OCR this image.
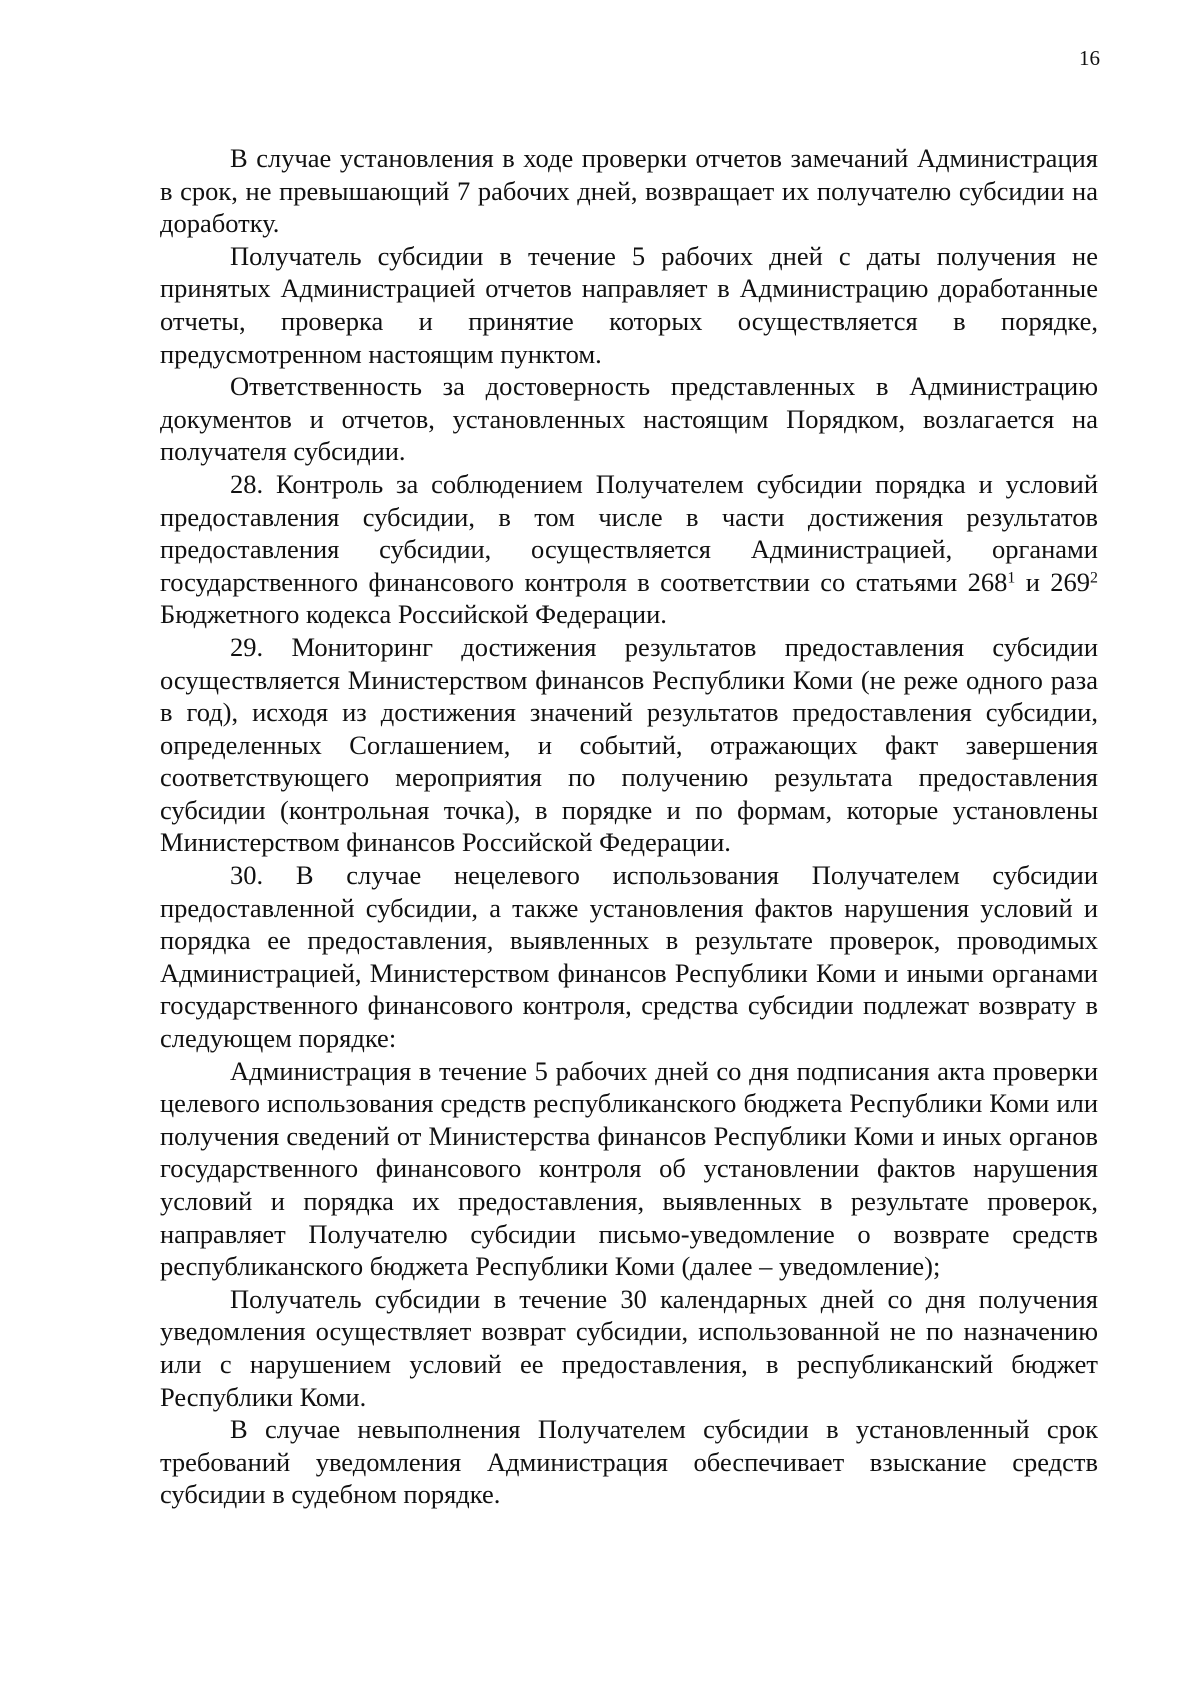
16

В случае установления в ходе проверки отчетов замечаний Администрация в срок, не превышающий 7 рабочих дней, возвращает их получателю субсидии на доработку.

Получатель субсидии в течение 5 рабочих дней с даты получения не принятых Администрацией отчетов направляет в Администрацию доработанные отчеты, проверка и принятие которых осуществляется в порядке, предусмотренном настоящим пунктом.

Ответственность за достоверность представленных в Администрацию документов и отчетов, установленных настоящим Порядком, возлагается на получателя субсидии.

28. Контроль за соблюдением Получателем субсидии порядка и условий предоставления субсидии, в том числе в части достижения результатов предоставления субсидии, осуществляется Администрацией, органами государственного финансового контроля в соответствии со статьями $268^1$ и $269^2$ Бюджетного кодекса Российской Федерации.

29. Мониторинг достижения результатов предоставления субсидии осуществляется Министерством финансов Республики Коми (не реже одного раза в год), исходя из достижения значений результатов предоставления субсидии, определенных Соглашением, и событий, отражающих факт завершения соответствующего мероприятия по получению результата предоставления субсидии (контрольная точка), в порядке и по формам, которые установлены Министерством финансов Российской Федерации.

30. В случае нецелевого использования Получателем субсидии предоставленной субсидии, а также установления фактов нарушения условий и порядка ее предоставления, выявленных в результате проверок, проводимых Администрацией, Министерством финансов Республики Коми и иными органами государственного финансового контроля, средства субсидии подлежат возврату в следующем порядке:

Администрация в течение 5 рабочих дней со дня подписания акта проверки целевого использования средств республиканского бюджета Республики Коми или получения сведений от Министерства финансов Республики Коми и иных органов государственного финансового контроля об установлении фактов нарушения условий и порядка их предоставления, выявленных в результате проверок, направляет Получателю субсидии письмо-уведомление о возврате средств республиканского бюджета Республики Коми (далее – уведомление);

Получатель субсидии в течение 30 календарных дней со дня получения уведомления осуществляет возврат субсидии, использованной не по назначению или с нарушением условий ее предоставления, в республиканский бюджет Республики Коми.

В случае невыполнения Получателем субсидии в установленный срок требований уведомления Администрация обеспечивает взыскание средств субсидии в судебном порядке.
